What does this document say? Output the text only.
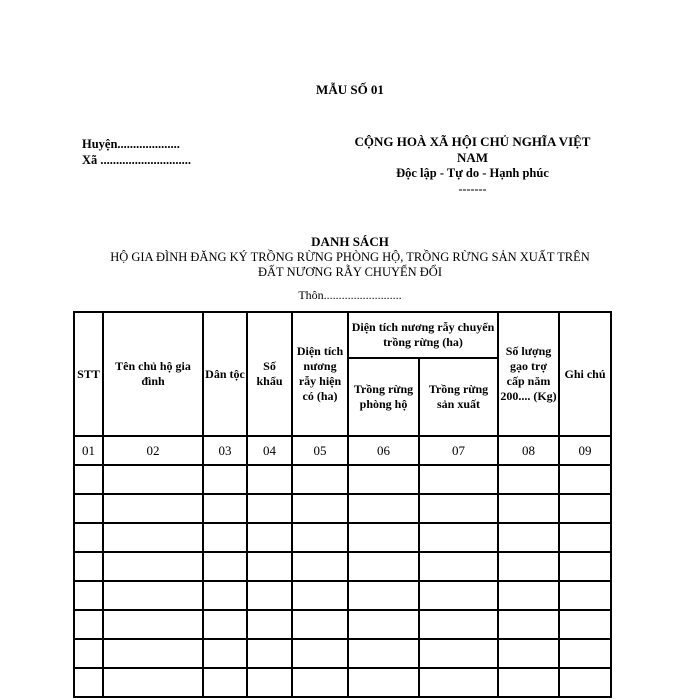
MẪU SỐ 01
Huyện....................
Xã .............................
CỘNG HOÀ XÃ HỘI CHỦ NGHĨA VIỆT
NAM
Độc lập - Tự do - Hạnh phúc
-------
DANH SÁCH
HỘ GIA ĐÌNH ĐĂNG KÝ TRỒNG RỪNG PHÒNG HỘ, TRỒNG RỪNG SẢN XUẤT TRÊN
ĐẤT NƯƠNG RẪY CHUYỂN ĐỔI
Thôn..........................
STT	Tên chủ hộ gia đình	Dân tộc	Số khẩu	Diện tích nương rẫy hiện có (ha)	Diện tích nương rẫy chuyển trồng rừng (ha)		Số lượng gạo trợ cấp năm 200.... (Kg)	Ghi chú
					Trồng rừng phòng hộ	Trồng rừng sản xuất		
01	02	03	04	05	06	07	08	09
